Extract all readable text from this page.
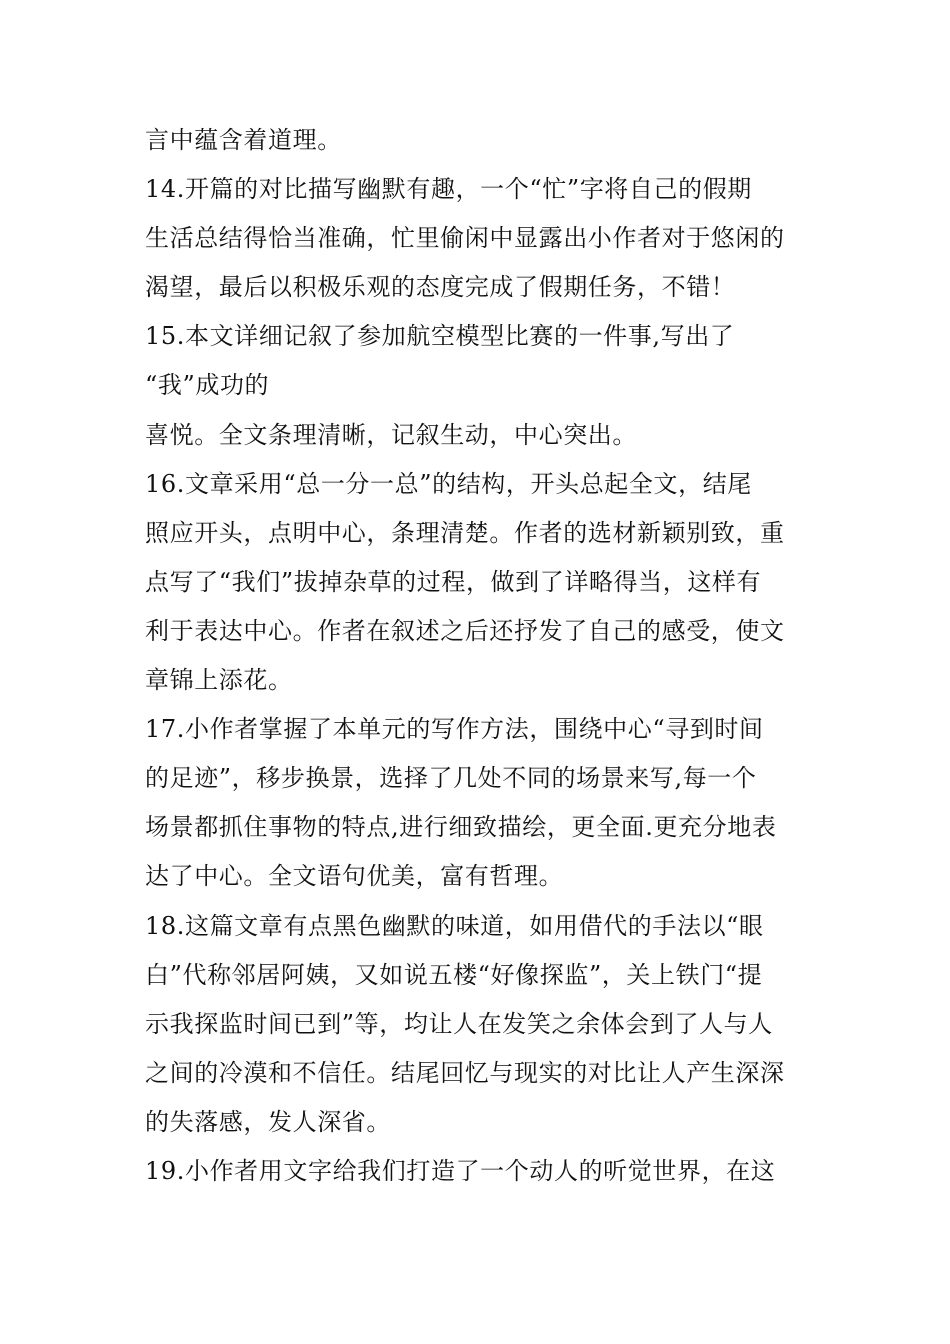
言中蕴含着道理。
14.开篇的对比描写幽默有趣，一个“忙”字将自己的假期
生活总结得恰当准确，忙里偷闲中显露出小作者对于悠闲的
渴望，最后以积极乐观的态度完成了假期任务，不错！
15.本文详细记叙了参加航空模型比赛的一件事,写出了
“我”成功的
喜悦。全文条理清晰，记叙生动，中心突出。
16.文章采用“总一分一总”的结构，开头总起全文，结尾
照应开头，点明中心，条理清楚。作者的选材新颖别致，重
点写了“我们”拔掉杂草的过程，做到了详略得当，这样有
利于表达中心。作者在叙述之后还抒发了自己的感受，使文
章锦上添花。
17.小作者掌握了本单元的写作方法，围绕中心“寻到时间
的足迹”，移步换景，选择了几处不同的场景来写,每一个
场景都抓住事物的特点,进行细致描绘，更全面.更充分地表
达了中心。全文语句优美，富有哲理。
18.这篇文章有点黑色幽默的味道，如用借代的手法以“眼
白”代称邻居阿姨，又如说五楼“好像探监”，关上铁门“提
示我探监时间已到”等，均让人在发笑之余体会到了人与人
之间的冷漠和不信任。结尾回忆与现实的对比让人产生深深
的失落感，发人深省。
19.小作者用文字给我们打造了一个动人的听觉世界，在这
